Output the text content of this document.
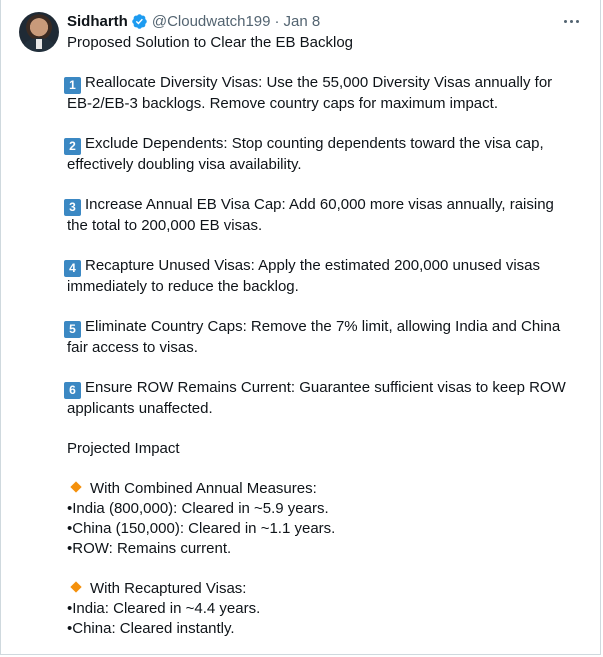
Sidharth @Cloudwatch199 · Jan 8

Proposed Solution to Clear the EB Backlog

1 Reallocate Diversity Visas: Use the 55,000 Diversity Visas annually for

EB-2/EB-3 backlogs. Remove country caps for maximum impact.

2 Exclude Dependents: Stop counting dependents toward the visa cap,

effectively doubling visa availability.

3 Increase Annual EB Visa Cap: Add 60,000 more visas annually, raising

the total to 200,000 EB visas.

4 Recapture Unused Visas: Apply the estimated 200,000 unused visas

immediately to reduce the backlog.

5 Eliminate Country Caps: Remove the 7% limit, allowing India and China

fair access to visas.

6 Ensure ROW Remains Current: Guarantee sufficient visas to keep ROW

applicants unaffected.

Projected Impact

With Combined Annual Measures:

•India (800,000): Cleared in ~5.9 years.

•China (150,000): Cleared in ~1.1 years.

•ROW: Remains current.

With Recaptured Visas:

•India: Cleared in ~4.4 years.

•China: Cleared instantly.
